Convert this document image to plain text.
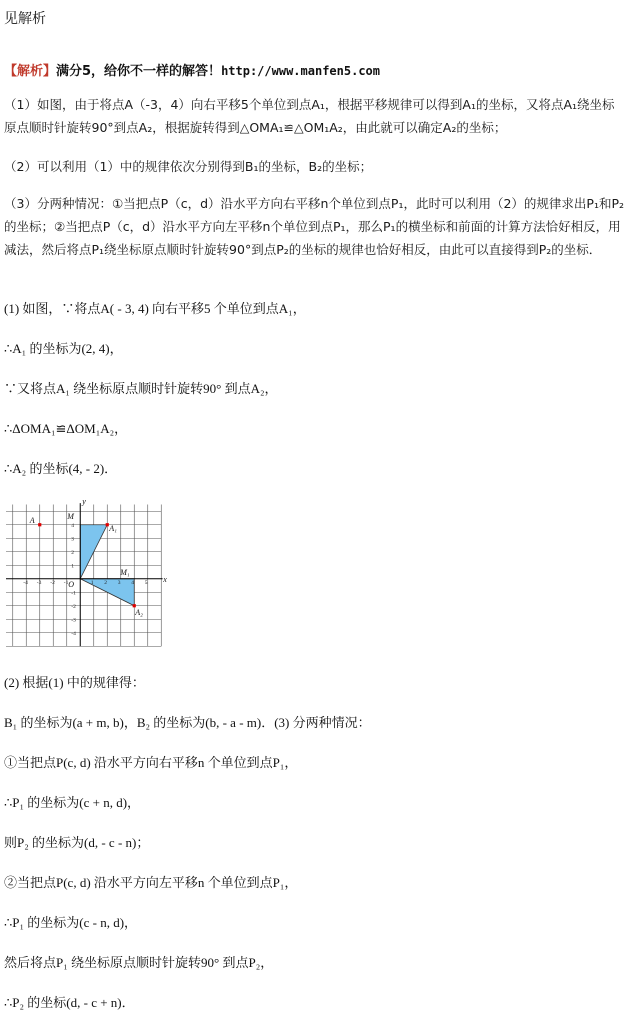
见解析
【解析】满分5，给你不一样的解答！http://www.manfen5.com
（1）如图，由于将点A（-3，4）向右平移5个单位到点A₁，根据平移规律可以得到A₁的坐标，又将点A₁绕坐标原点顺时针旋转90°到点A₂，根据旋转得到△OMA₁≌△OM₁A₂，由此就可以确定A₂的坐标；
（2）可以利用（1）中的规律依次分别得到B₁的坐标，B₂的坐标；
（3）分两种情况：①当把点P（c，d）沿水平方向右平移n个单位到点P₁，此时可以利用（2）的规律求出P₁和P₂的坐标；②当把点P（c，d）沿水平方向左平移n个单位到点P₁，那么P₁的横坐标和前面的计算方法恰好相反，用减法，然后将点P₁绕坐标原点顺时针旋转90°到点P₂的坐标的规律也恰好相反，由此可以直接得到P₂的坐标．
(1) 如图，∵将点A( - 3, 4) 向右平移5 个单位到点A₁，
∴A₁ 的坐标为(2, 4)，
∵又将点A₁ 绕坐标原点顺时针旋转90° 到点A₂，
∴ΔOMA₁≌ΔOM₁A₂，
∴A₂ 的坐标(4, - 2)．
-4 -3 -2 -1	1 2 3 4 5
4
3
2
1
-1
-2
-3
-4
A	M
A₁
M₁
A₂
O
x
y
(2) 根据(1) 中的规律得：
B₁ 的坐标为(a + m, b)，B₂ 的坐标为(b, - a - m)．(3) 分两种情况：
①当把点P(c, d) 沿水平方向右平移n 个单位到点P₁，
∴P₁ 的坐标为(c + n, d)，
则P₂ 的坐标为(d, - c - n)；
②当把点P(c, d) 沿水平方向左平移n 个单位到点P₁，
∴P₁ 的坐标为(c - n, d)，
然后将点P₁ 绕坐标原点顺时针旋转90° 到点P₂，
∴P₂ 的坐标(d, - c + n)．
